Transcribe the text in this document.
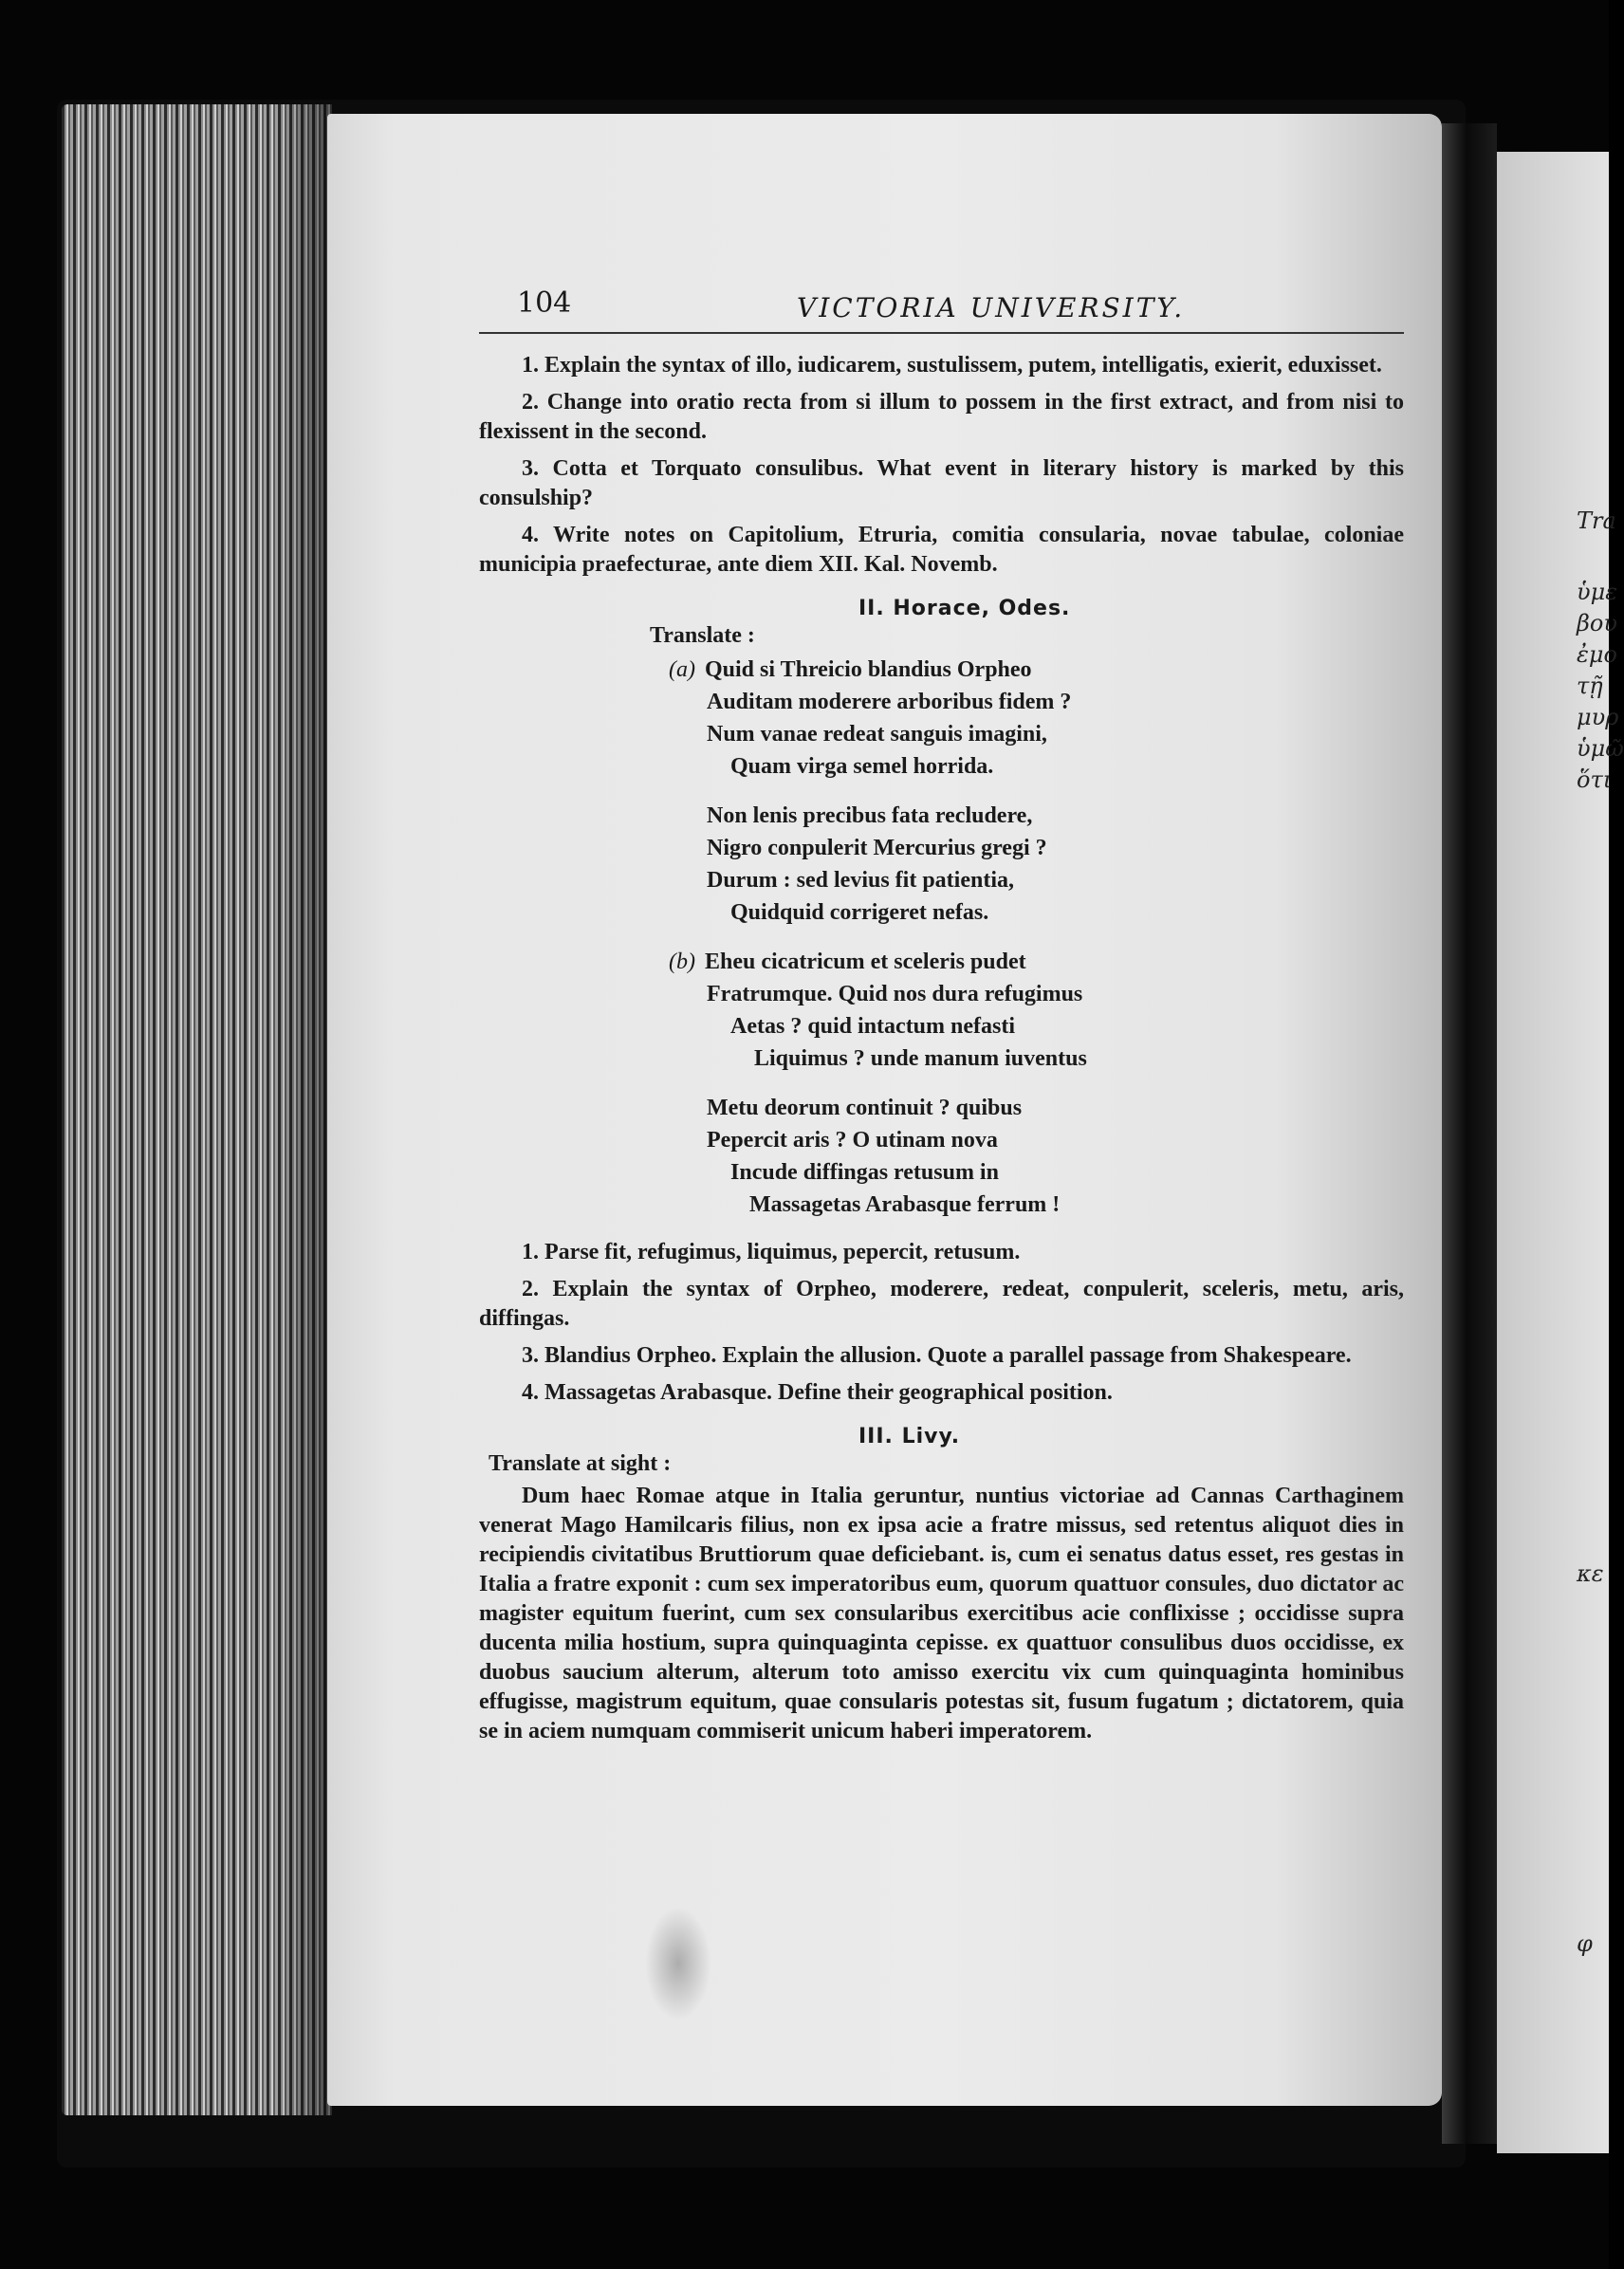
Tra
ὑμε
βου
ἐμο
τῇ
μυρ
ὑμῶ
ὅτι
κε
φ
104	VICTORIA UNIVERSITY.

1. Explain the syntax of illo, iudicarem, sustulissem, putem, intelligatis, exierit, eduxisset.

2. Change into oratio recta from si illum to possem in the first extract, and from nisi to flexissent in the second.

3. Cotta et Torquato consulibus. What event in literary history is marked by this consulship?

4. Write notes on Capitolium, Etruria, comitia consularia, novae tabulae, coloniae municipia praefecturae, ante diem XII. Kal. Novemb.

II. Horace, Odes.
Translate :
(a) Quid si Threicio blandius Orpheo
Auditam moderere arboribus fidem ?
Num vanae redeat sanguis imagini,
Quam virga semel horrida.
Non lenis precibus fata recludere,
Nigro conpulerit Mercurius gregi ?
Durum : sed levius fit patientia,
Quidquid corrigeret nefas.
(b) Eheu cicatricum et sceleris pudet
Fratrumque. Quid nos dura refugimus
Aetas ? quid intactum nefasti
Liquimus ? unde manum iuventus
Metu deorum continuit ? quibus
Pepercit aris ? O utinam nova
Incude diffingas retusum in
Massagetas Arabasque ferrum !

1. Parse fit, refugimus, liquimus, pepercit, retusum.

2. Explain the syntax of Orpheo, moderere, redeat, conpulerit, sceleris, metu, aris, diffingas.

3. Blandius Orpheo. Explain the allusion. Quote a parallel passage from Shakespeare.

4. Massagetas Arabasque. Define their geographical position.

III. Livy.
Translate at sight :

Dum haec Romae atque in Italia geruntur, nuntius victoriae ad Cannas Carthaginem venerat Mago Hamilcaris filius, non ex ipsa acie a fratre missus, sed retentus aliquot dies in recipiendis civitatibus Bruttiorum quae deficiebant. is, cum ei senatus datus esset, res gestas in Italia a fratre exponit : cum sex imperatoribus eum, quorum quattuor consules, duo dictator ac magister equitum fuerint, cum sex consularibus exercitibus acie conflixisse ; occidisse supra ducenta milia hostium, supra quinquaginta cepisse. ex quattuor consulibus duos occidisse, ex duobus saucium alterum, alterum toto amisso exercitu vix cum quinquaginta hominibus effugisse, magistrum equitum, quae consularis potestas sit, fusum fugatum ; dictatorem, quia se in aciem numquam commiserit unicum haberi imperatorem.
